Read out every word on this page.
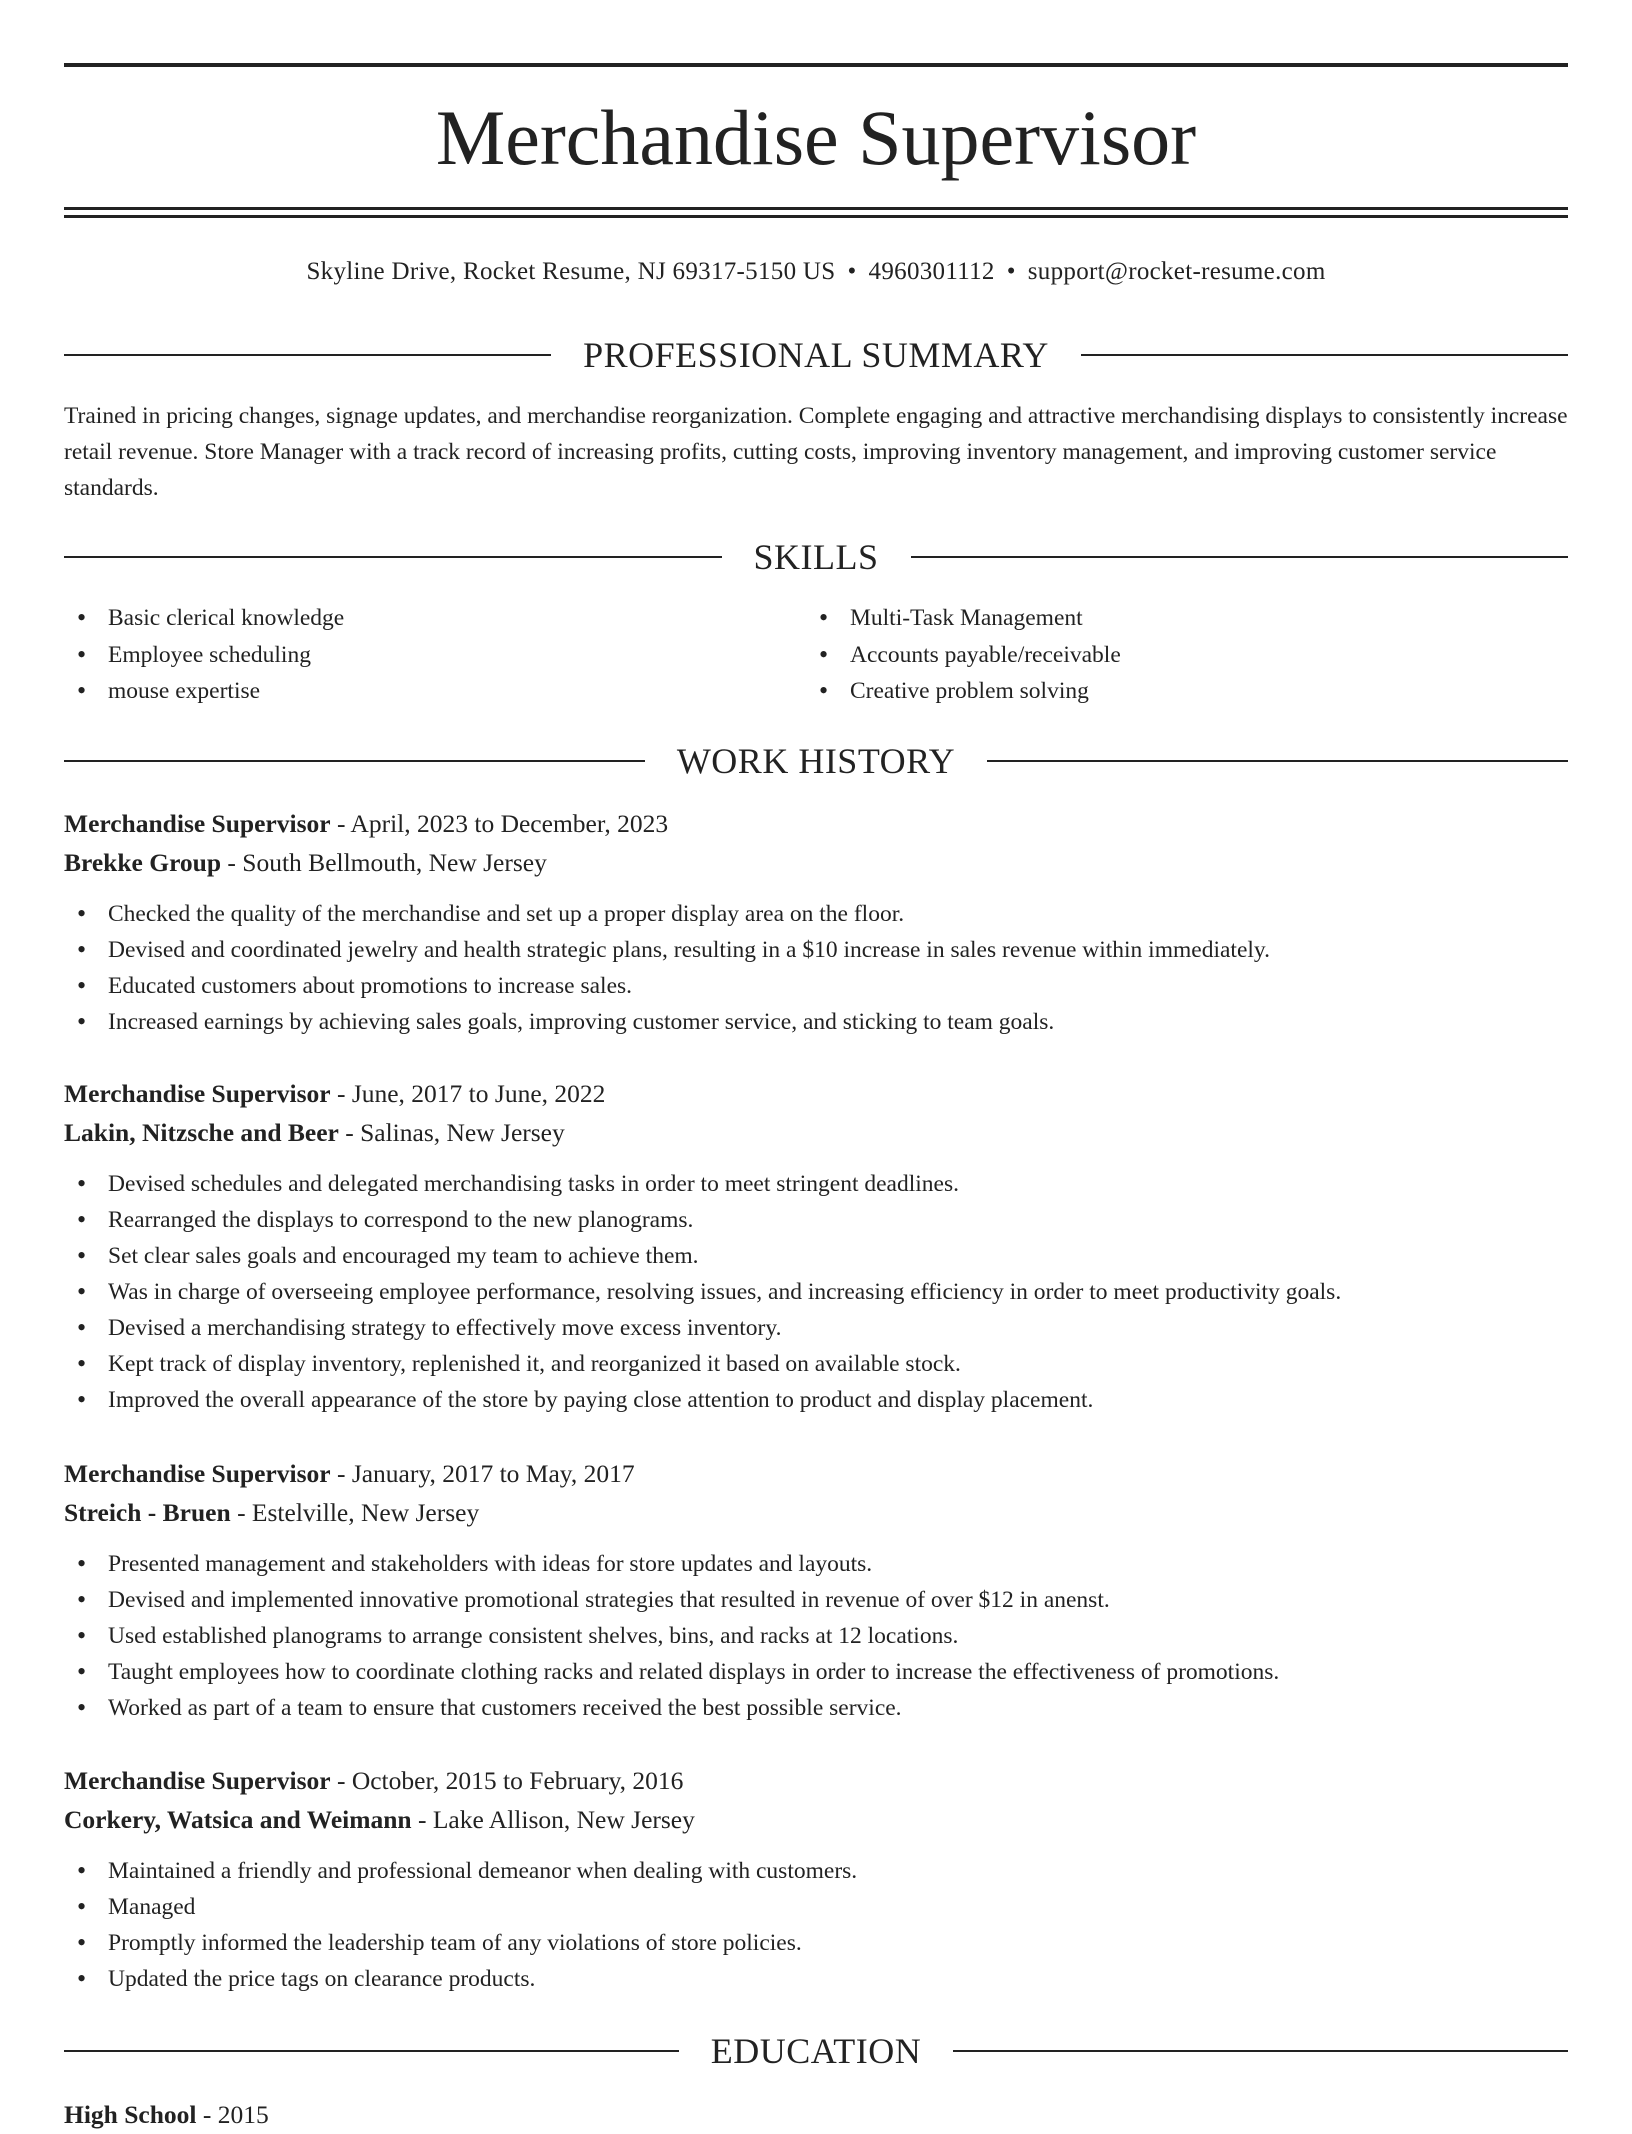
Merchandise Supervisor
Skyline Drive, Rocket Resume, NJ 69317-5150 US • 4960301112 • support@rocket-resume.com
PROFESSIONAL SUMMARY

Trained in pricing changes, signage updates, and merchandise reorganization. Complete engaging and attractive merchandising displays to consistently increase retail revenue. Store Manager with a track record of increasing profits, cutting costs, improving inventory management, and improving customer service standards.

SKILLS
• Basic clerical knowledge
• Employee scheduling
• mouse expertise
• Multi-Task Management
• Accounts payable/receivable
• Creative problem solving
WORK HISTORY
Merchandise Supervisor - April, 2023 to December, 2023
Brekke Group - South Bellmouth, New Jersey
• Checked the quality of the merchandise and set up a proper display area on the floor.
• Devised and coordinated jewelry and health strategic plans, resulting in a $10 increase in sales revenue within immediately.
• Educated customers about promotions to increase sales.
• Increased earnings by achieving sales goals, improving customer service, and sticking to team goals.
Merchandise Supervisor - June, 2017 to June, 2022
Lakin, Nitzsche and Beer - Salinas, New Jersey
• Devised schedules and delegated merchandising tasks in order to meet stringent deadlines.
• Rearranged the displays to correspond to the new planograms.
• Set clear sales goals and encouraged my team to achieve them.
• Was in charge of overseeing employee performance, resolving issues, and increasing efficiency in order to meet productivity goals.
• Devised a merchandising strategy to effectively move excess inventory.
• Kept track of display inventory, replenished it, and reorganized it based on available stock.
• Improved the overall appearance of the store by paying close attention to product and display placement.
Merchandise Supervisor - January, 2017 to May, 2017
Streich - Bruen - Estelville, New Jersey
• Presented management and stakeholders with ideas for store updates and layouts.
• Devised and implemented innovative promotional strategies that resulted in revenue of over $12 in anenst.
• Used established planograms to arrange consistent shelves, bins, and racks at 12 locations.
• Taught employees how to coordinate clothing racks and related displays in order to increase the effectiveness of promotions.
• Worked as part of a team to ensure that customers received the best possible service.
Merchandise Supervisor - October, 2015 to February, 2016
Corkery, Watsica and Weimann - Lake Allison, New Jersey
• Maintained a friendly and professional demeanor when dealing with customers.
• Managed
• Promptly informed the leadership team of any violations of store policies.
• Updated the price tags on clearance products.
EDUCATION
High School - 2015
